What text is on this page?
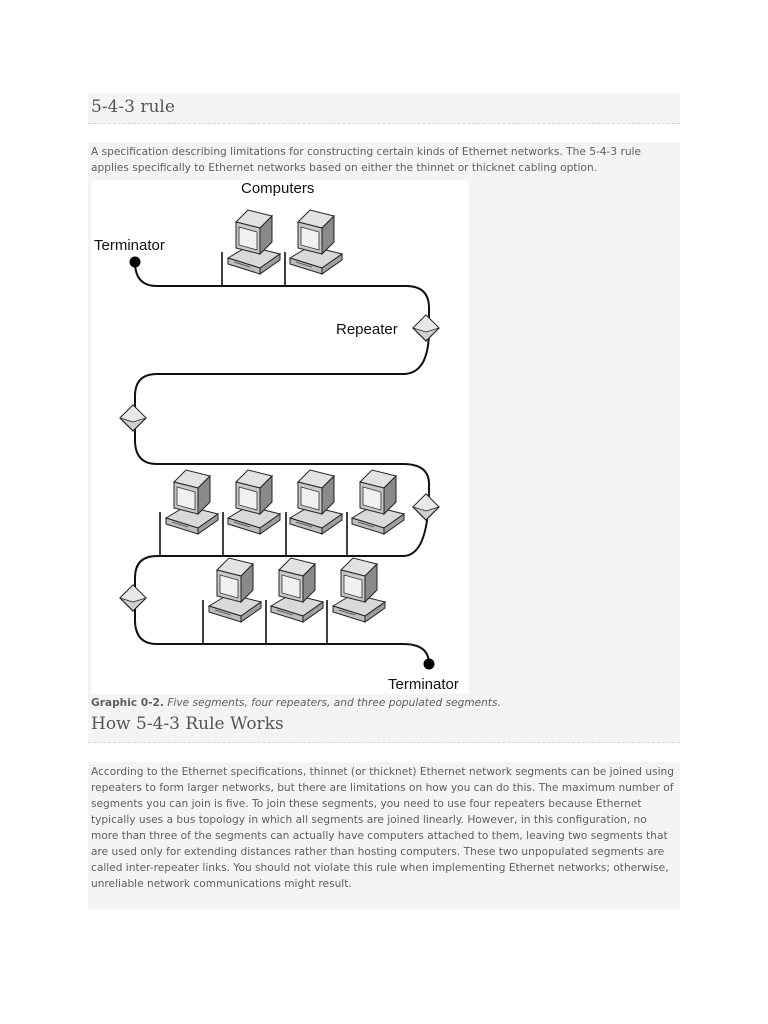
5-4-3 rule
A specification describing limitations for constructing certain kinds of Ethernet networks. The 5-4-3 rule applies specifically to Ethernet networks based on either the thinnet or thicknet cabling option.
Computers
Terminator
Repeater
Terminator
Graphic 0-2. Five segments, four repeaters, and three populated segments.
How 5-4-3 Rule Works
According to the Ethernet specifications, thinnet (or thicknet) Ethernet network segments can be joined using repeaters to form larger networks, but there are limitations on how you can do this. The maximum number of segments you can join is five. To join these segments, you need to use four repeaters because Ethernet typically uses a bus topology in which all segments are joined linearly. However, in this configuration, no more than three of the segments can actually have computers attached to them, leaving two segments that are used only for extending distances rather than hosting computers. These two unpopulated segments are called inter-repeater links. You should not violate this rule when implementing Ethernet networks; otherwise, unreliable network communications might result.
